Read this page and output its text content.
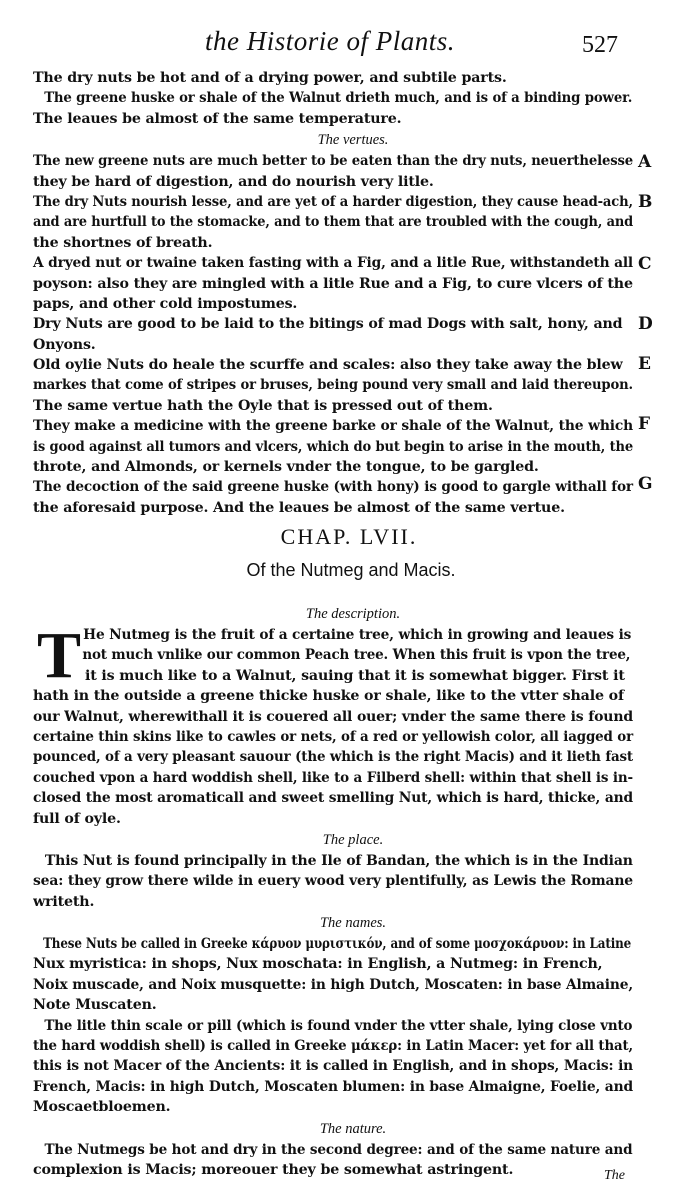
the Historie of Plants.	527
The dry nuts be hot and of a drying power, and subtile parts.
The greene huske or shale of the Walnut drieth much, and is of a binding power.
The leaues be almost of the same temperature.
The vertues.
The new greene nuts are much better to be eaten than the dry nuts, neuerthelesse
they be hard of digestion, and do nourish very litle.
The dry Nuts nourish lesse, and are yet of a harder digestion, they cause head-ach,
and are hurtfull to the stomacke, and to them that are troubled with the cough, and
the shortnes of breath.
A dryed nut or twaine taken fasting with a Fig, and a litle Rue, withstandeth all
poyson: also they are mingled with a litle Rue and a Fig, to cure vlcers of the
paps, and other cold impostumes.
Dry Nuts are good to be laid to the bitings of mad Dogs with salt, hony, and
Onyons.
Old oylie Nuts do heale the scurffe and scales: also they take away the blew
markes that come of stripes or bruses, being pound very small and laid thereupon.
The same vertue hath the Oyle that is pressed out of them.
They make a medicine with the greene barke or shale of the Walnut, the which
is good against all tumors and vlcers, which do but begin to arise in the mouth, the
throte, and Almonds, or kernels vnder the tongue, to be gargled.
The decoction of the said greene huske (with hony) is good to gargle withall for
the aforesaid purpose. And the leaues be almost of the same vertue.
A
B
C
D
E
F
G
CHAP. LVII.
Of the Nutmeg and Macis.
T
The description.
He Nutmeg is the fruit of a certaine tree, which in growing and leaues is
not much vnlike our common Peach tree. When this fruit is vpon the tree,
it is much like to a Walnut, sauing that it is somewhat bigger. First it
hath in the outside a greene thicke huske or shale, like to the vtter shale of
our Walnut, wherewithall it is couered all ouer; vnder the same there is found
certaine thin skins like to cawles or nets, of a red or yellowish color, all iagged or
pounced, of a very pleasant sauour (the which is the right Macis) and it lieth fast
couched vpon a hard woddish shell, like to a Filberd shell: within that shell is in-
closed the most aromaticall and sweet smelling Nut, which is hard, thicke, and
full of oyle.
The place.
This Nut is found principally in the Ile of Bandan, the which is in the Indian
sea: they grow there wilde in euery wood very plentifully, as Lewis the Romane
writeth.
The names.
These Nuts be called in Greeke κάρυον μυριστικόν, and of some μοσχοκάρυον: in Latine
Nux myristica: in shops, Nux moschata: in English, a Nutmeg: in French,
Noix muscade, and Noix musquette: in high Dutch, Moscaten: in base Almaine,
Note Muscaten.
The litle thin scale or pill (which is found vnder the vtter shale, lying close vnto
the hard woddish shell) is called in Greeke μάκερ: in Latin Macer: yet for all that,
this is not Macer of the Ancients: it is called in English, and in shops, Macis: in
French, Macis: in high Dutch, Moscaten blumen: in base Almaigne, Foelie, and
Moscaetbloemen.
The nature.
The Nutmegs be hot and dry in the second degree: and of the same nature and
complexion is Macis; moreouer they be somewhat astringent.	The
